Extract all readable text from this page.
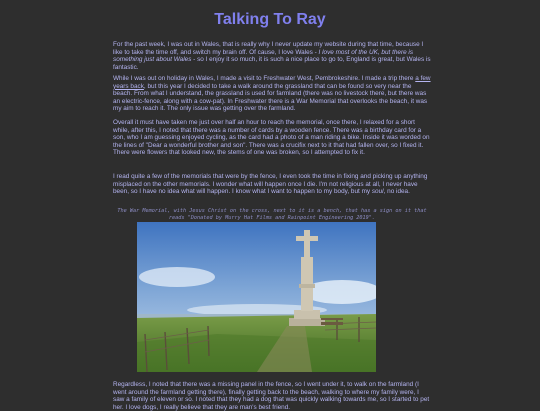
Talking To Ray
For the past week, I was out in Wales, that is really why I never update my website during that time, because I like to take the time off, and switch my brain off. Of cause, I love Wales - I love most of the UK, but there is something just about Wales - so I enjoy it so much, it is such a nice place to go to, England is great, but Wales is fantastic.
While I was out on holiday in Wales, I made a visit to Freshwater West, Pembrokeshire. I made a trip there a few years back, but this year I decided to take a walk around the grassland that can be found so very near the beach. From what I understand, the grassland is used for farmland (there was no livestock there, but there was an electric-fence, along with a cow-pat). In Freshwater there is a War Memorial that overlooks the beach, it was my aim to reach it. The only issue was getting over the farmland.
Overall it must have taken me just over half an hour to reach the memorial, once there, I relaxed for a short while, after this, I noted that there was a number of cards by a wooden fence. There was a birthday card for a son, who I am guessing enjoyed cycling, as the card had a photo of a man riding a bike. Inside it was worded on the lines of "Dear a wonderful brother and son". There was a crucifix next to it that had fallen over, so I fixed it. There were flowers that looked new, the stems of one was broken, so I attempted to fix it.
I read quite a few of the memorials that were by the fence, I even took the time in fixing and picking up anything misplaced on the other memorials. I wonder what will happen once I die. I'm not religious at all, I never have been, so I have no idea what will happen. I know what I want to happen to my body, but my soul, no idea.
The War Memorial, with Jesus Christ on the cross, next to it is a bench, that has a sign on it that reads "Donated by Murry Hat Films and Rainpoint Engineering 2019".
Regardless, I noted that there was a missing panel in the fence, so I went under it, to walk on the farmland (I went around the farmland getting there), finally getting back to the beach, walking to where my family were, I saw a family of eleven or so. I noted that they had a dog that was quickly walking towards me, so I started to pet her. I love dogs, I really believe that they are man's best friend.
